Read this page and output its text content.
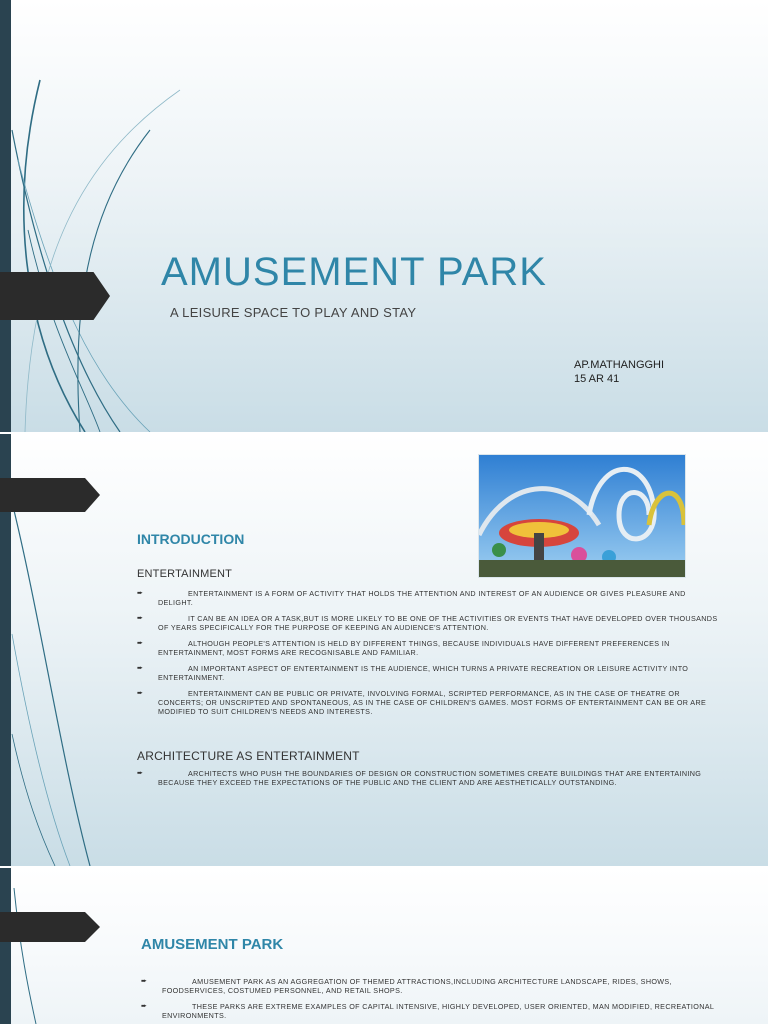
AMUSEMENT PARK
A LEISURE SPACE TO PLAY AND STAY
AP.MATHANGGHI
15 AR 41
INTRODUCTION
ENTERTAINMENT
➨	ENTERTAINMENT IS A FORM OF ACTIVITY THAT HOLDS THE ATTENTION AND INTEREST OF AN AUDIENCE OR GIVES PLEASURE AND DELIGHT.
➨	IT CAN BE AN IDEA OR A TASK,BUT IS MORE LIKELY TO BE ONE OF THE ACTIVITIES OR EVENTS THAT HAVE DEVELOPED OVER THOUSANDS OF YEARS SPECIFICALLY FOR THE PURPOSE OF KEEPING AN AUDIENCE'S ATTENTION.
➨	ALTHOUGH PEOPLE'S ATTENTION IS HELD BY DIFFERENT THINGS, BECAUSE INDIVIDUALS HAVE DIFFERENT PREFERENCES IN ENTERTAINMENT, MOST FORMS ARE RECOGNISABLE AND FAMILIAR.
➨	AN IMPORTANT ASPECT OF ENTERTAINMENT IS THE AUDIENCE, WHICH TURNS A PRIVATE RECREATION OR LEISURE ACTIVITY INTO ENTERTAINMENT.
➨	ENTERTAINMENT CAN BE PUBLIC OR PRIVATE, INVOLVING FORMAL, SCRIPTED PERFORMANCE, AS IN THE CASE OF THEATRE OR CONCERTS; OR UNSCRIPTED AND SPONTANEOUS, AS IN THE CASE OF CHILDREN'S GAMES. MOST FORMS OF ENTERTAINMENT CAN BE OR ARE MODIFIED TO SUIT CHILDREN'S NEEDS AND INTERESTS.
ARCHITECTURE AS ENTERTAINMENT
➨	ARCHITECTS WHO PUSH THE BOUNDARIES OF DESIGN OR CONSTRUCTION SOMETIMES CREATE BUILDINGS THAT ARE ENTERTAINING BECAUSE THEY EXCEED THE EXPECTATIONS OF THE PUBLIC AND THE CLIENT AND ARE AESTHETICALLY OUTSTANDING.
AMUSEMENT PARK
➨	AMUSEMENT PARK AS AN AGGREGATION OF THEMED ATTRACTIONS,INCLUDING ARCHITECTURE LANDSCAPE, RIDES, SHOWS, FOODSERVICES, COSTUMED PERSONNEL, AND RETAIL SHOPS.
➨	THESE PARKS ARE EXTREME EXAMPLES OF CAPITAL INTENSIVE, HIGHLY DEVELOPED, USER ORIENTED, MAN MODIFIED, RECREATIONAL ENVIRONMENTS.
